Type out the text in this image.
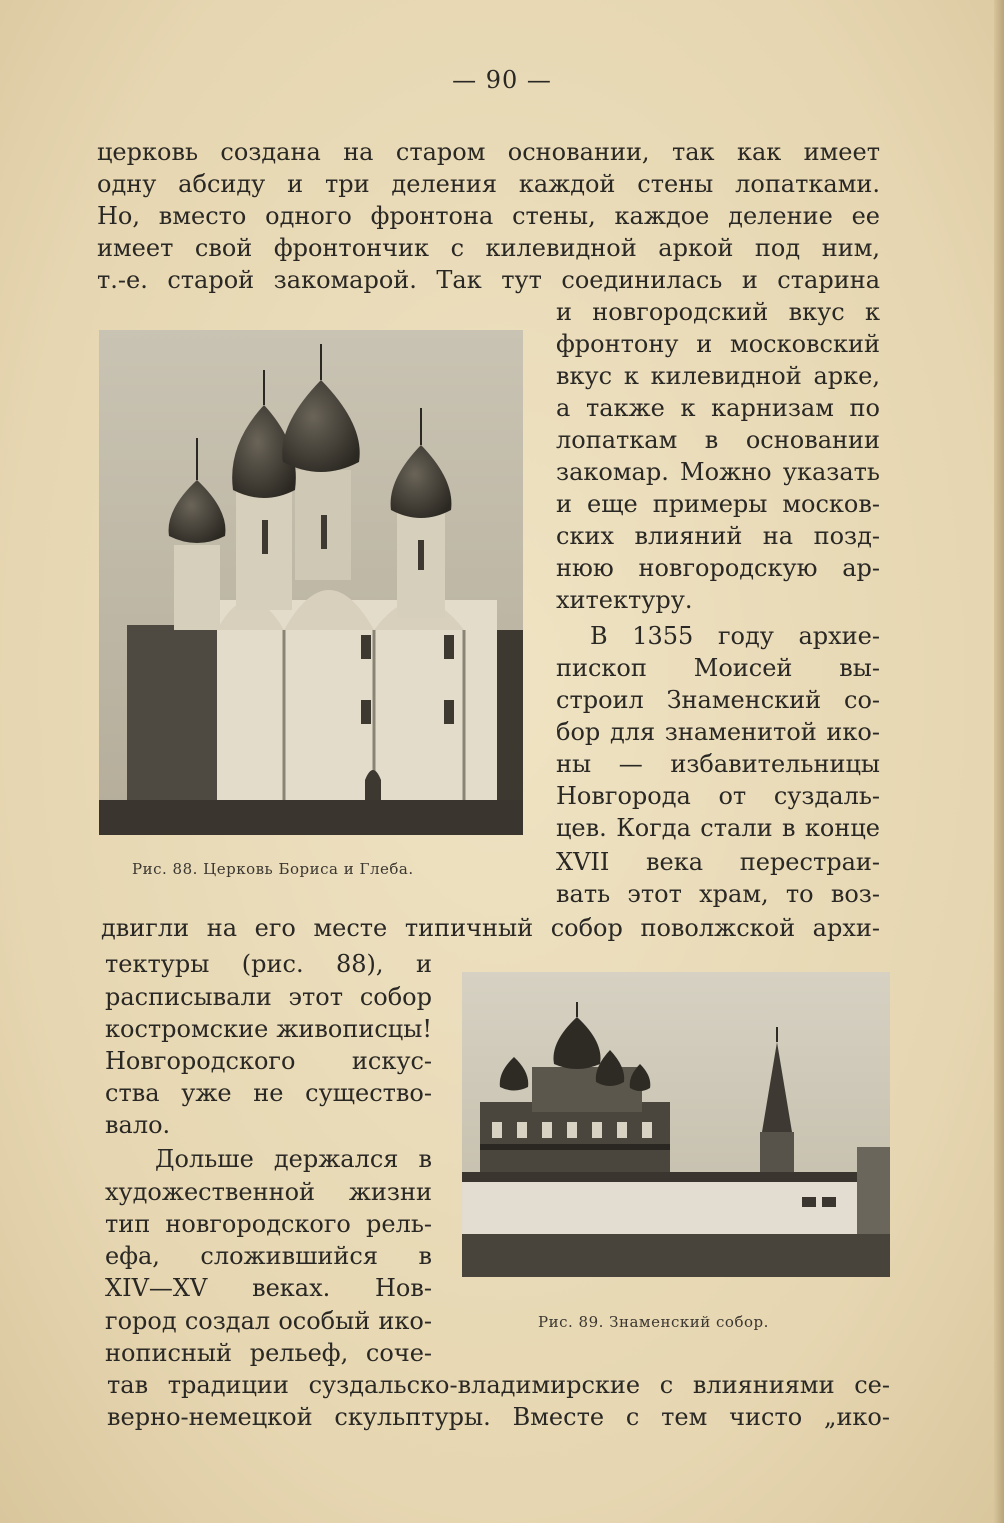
— 90 —
церковь создана на старом основании, так как имеет
одну абсиду и три деления каждой стены лопатками.
Но, вместо одного фронтона стены, каждое деление ее
имеет свой фронтончик с килевидной аркой под ним,
т.-е. старой закомарой. Так тут соединилась и старина
Рис. 88. Церковь Бориса и Глеба.
и новгородский вкус к
фронтону и московский
вкус к килевидной арке,
а также к карнизам по
лопаткам в основании
закомар. Можно указать
и еще примеры москов-
ских влияний на позд-
нюю новгородскую ар-
хитектуру.
В 1355 году архие-
пископ Моисей вы-
строил Знаменский со-
бор для знаменитой ико-
ны — избавительницы
Новгорода от суздаль-
цев. Когда стали в конце
XVII века перестраи-
вать этот храм, то воз-
двигли на его месте типичный собор поволжской архи-
тектуры (рис. 88), и
расписывали этот собор
костромские живописцы!
Новгородского искус-
ства уже не существо-
вало.
Дольше держался в
художественной жизни
тип новгородского рель-
ефа, сложившийся в
XIV—XV веках. Нов-
город создал особый ико-
нописный рельеф, соче-
Рис. 89. Знаменский собор.
тав традиции суздальско-владимирские с влияниями се-
верно-немецкой скульптуры. Вместе с тем чисто „ико-
